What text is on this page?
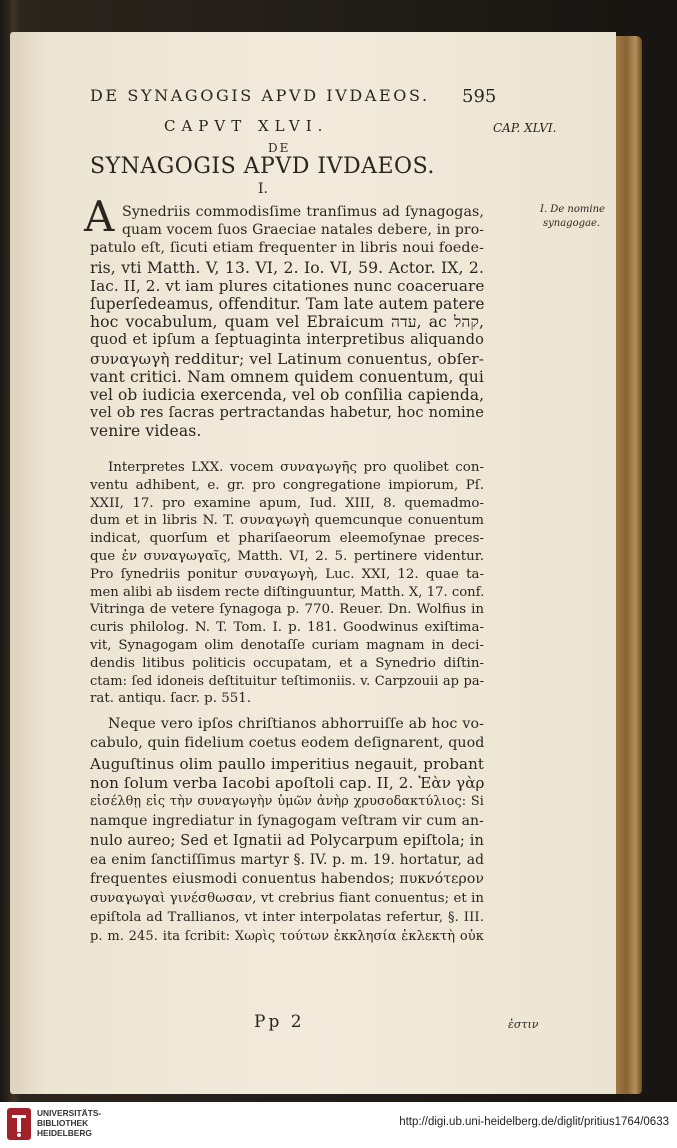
DE SYNAGOGIS APVD IVDAEOS. 595
CAPVT XLVI.	CAP. XLVI.
DE
SYNAGOGIS APVD IVDAEOS.
I.
I. De nomine
synagogae.
A Synedriis commodisſime tranſimus ad ſynagogas,
quam vocem ſuos Graeciae natales debere, in pro-
patulo eſt, ſicuti etiam frequenter in libris noui foede-
ris, vti Matth. V, 13. VI, 2. Io. VI, 59. Actor. IX, 2.
Iac. II, 2. vt iam plures citationes nunc coaceruare
ſuperſedeamus, offenditur. Tam late autem patere
hoc vocabulum, quam vel Ebraicum עדה, ac קהל,
quod et ipſum a ſeptuaginta interpretibus aliquando
συναγωγὴ redditur; vel Latinum conuentus, obſer-
vant critici. Nam omnem quidem conuentum, qui
vel ob iudicia exercenda, vel ob conſilia capienda,
vel ob res ſacras pertractandas habetur, hoc nomine
venire videas.
Interpretes LXX. vocem συναγωγῆς pro quolibet con-
ventu adhibent, e. gr. pro congregatione impiorum, Pſ.
XXII, 17. pro examine apum, Iud. XIII, 8. quemadmo-
dum et in libris N. T. συναγωγὴ quemcunque conuentum
indicat, quorſum et phariſaeorum eleemoſynae preces-
que ἐν συναγωγαῖς, Matth. VI, 2. 5. pertinere videntur.
Pro ſynedriis ponitur συναγωγὴ, Luc. XXI, 12. quae ta-
men alibi ab iisdem recte diſtinguuntur, Matth. X, 17. conf.
Vitringa de vetere ſynagoga p. 770. Reuer. Dn. Wolfius in
curis philolog. N. T. Tom. I. p. 181. Goodwinus exiſtima-
vit, Synagogam olim denotaſſe curiam magnam in deci-
dendis litibus politicis occupatam, et a Synedrio diſtin-
ctam: ſed idoneis deſtituitur teſtimoniis. v. Carpzouii ap pa-
rat. antiqu. ſacr. p. 551.
Neque vero ipſos chriſtianos abhorruiſſe ab hoc vo-
cabulo, quin fidelium coetus eodem deſignarent, quod
Auguſtinus olim paullo imperitius negauit, probant
non ſolum verba Iacobi apoſtoli cap. II, 2. Ἐὰν γὰρ
εἰσέλθῃ εἰς τὴν συναγωγὴν ὑμῶν ἀνὴρ χρυσοδακτύλιος: Si
namque ingrediatur in ſynagogam veſtram vir cum an-
nulo aureo; Sed et Ignatii ad Polycarpum epiſtola; in
ea enim ſanctiſſimus martyr §. IV. p. m. 19. hortatur, ad
frequentes eiusmodi conuentus habendos; πυκνότερον
συναγωγαὶ γινέσθωσαν, vt crebrius fiant conuentus; et in
epiſtola ad Trallianos, vt inter interpolatas refertur, §. III.
p. m. 245. ita ſcribit: Χωρὶς τούτων ἐκκλησία ἐκλεκτὴ οὐκ
Pp 2	ἐστιν
UNIVERSITÄTS-
BIBLIOTHEK
HEIDELBERG
http://digi.ub.uni-heidelberg.de/diglit/pritius1764/0633
